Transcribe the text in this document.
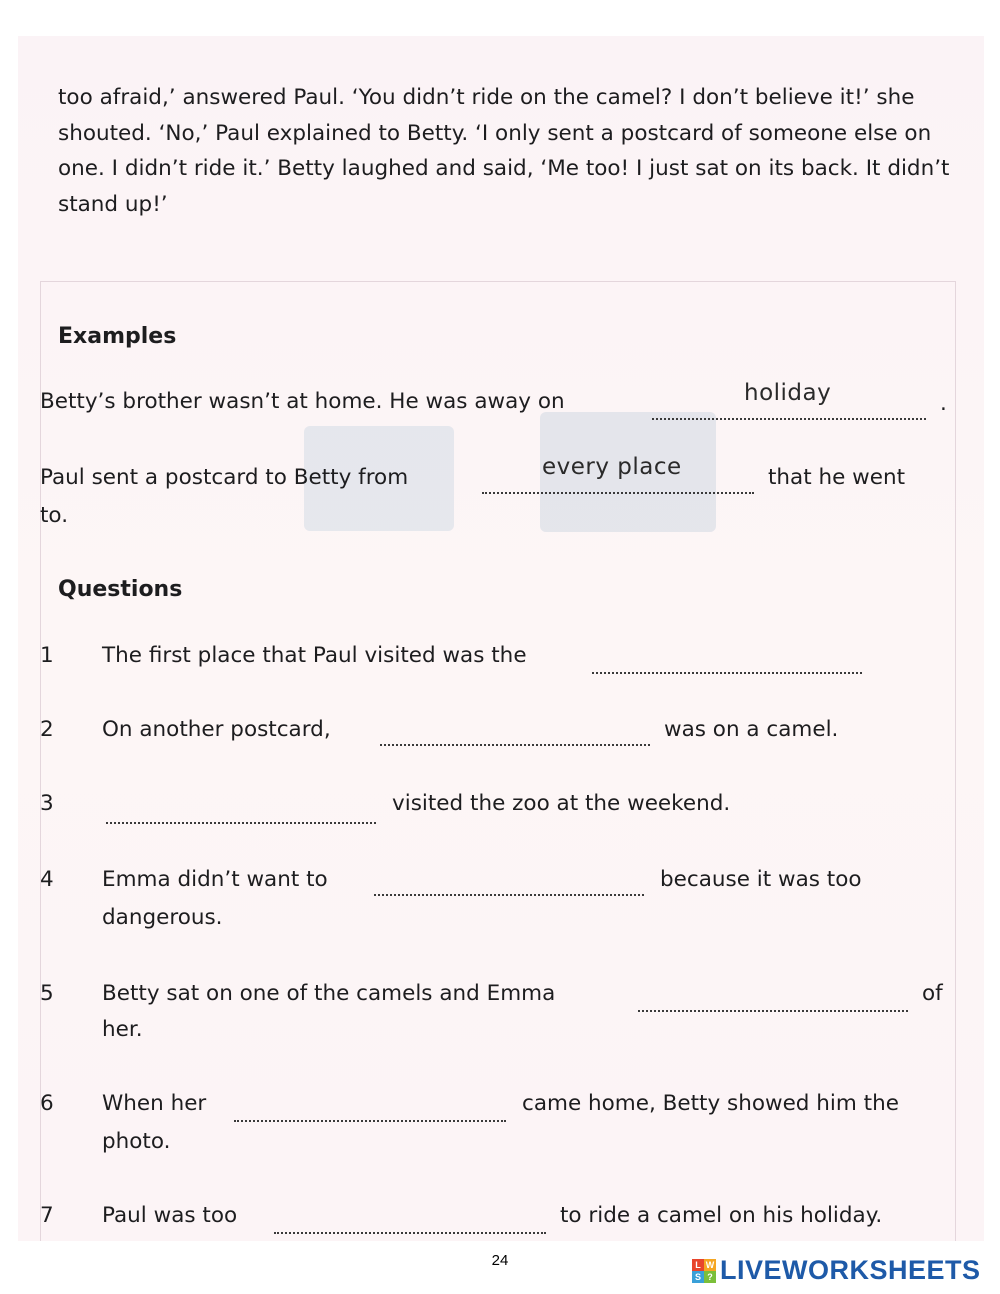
too afraid,’ answered Paul. ‘You didn’t ride on the camel? I don’t believe it!’ she shouted. ‘No,’ Paul explained to Betty. ‘I only sent a postcard of someone else on one. I didn’t ride it.’ Betty laughed and said, ‘Me too! I just sat on its back. It didn’t stand up!’
Examples
Betty’s brother wasn’t at home. He was away on	holiday	.
Paul sent a postcard to Betty from	every place	that he went
to.
Questions
1 The first place that Paul visited was the
2 On another postcard,	was on a camel.
3	visited the zoo at the weekend.
4 Emma didn’t want to	because it was too
dangerous.
5 Betty sat on one of the camels and Emma	of
her.
6 When her	came home, Betty showed him the
photo.
7 Paul was too	to ride a camel on his holiday.
24	L W
S ? LIVEWORKSHEETS
